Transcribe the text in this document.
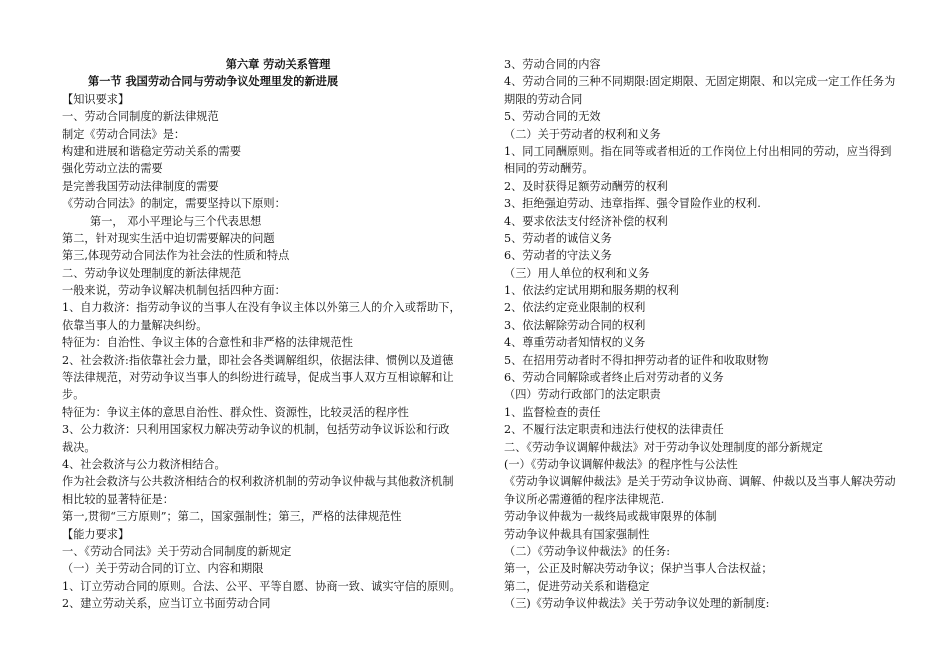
第六章 劳动关系管理
第一节 我国劳动合同与劳动争议处理里发的新进展
【知识要求】
一、劳动合同制度的新法律规范
制定《劳动合同法》是：
构建和进展和谐稳定劳动关系的需要
强化劳动立法的需要
是完善我国劳动法律制度的需要
《劳动合同法》的制定，需要坚持以下原则：
第一， 邓小平理论与三个代表思想
第二，针对现实生活中迫切需要解决的问题
第三,体现劳动合同法作为社会法的性质和特点
二、劳动争议处理制度的新法律规范
一般来说，劳动争议解决机制包括四种方面：
1、自力救济：指劳动争议的当事人在没有争议主体以外第三人的介入或帮助下，
依靠当事人的力量解决纠纷。
特征为：自治性、争议主体的合意性和非严格的法律规范性
2、社会救济:指依靠社会力量，即社会各类调解组织，依据法律、惯例以及道德
等法律规范，对劳动争议当事人的纠纷进行疏导，促成当事人双方互相谅解和让
步。
特征为：争议主体的意思自治性、群众性、资源性，比较灵活的程序性
3、公力救济：只利用国家权力解决劳动争议的机制，包括劳动争议诉讼和行政
裁决。
4、社会救济与公力救济相结合。
作为社会救济与公共救济相结合的权利救济机制的劳动争议仲裁与其他救济机制
相比较的显著特征是：
第一,贯彻“三方原则”；第二，国家强制性；第三，严格的法律规范性
【能力要求】
一、《劳动合同法》关于劳动合同制度的新规定
（一）关于劳动合同的订立、内容和期限
1、订立劳动合同的原则。合法、公平、平等自愿、协商一致、诚实守信的原则。
2、建立劳动关系，应当订立书面劳动合同
3、劳动合同的内容
4、劳动合同的三种不同期限:固定期限、无固定期限、和以完成一定工作任务为
期限的劳动合同
5、劳动合同的无效
（二）关于劳动者的权利和义务
1、同工同酬原则。指在同等或者相近的工作岗位上付出相同的劳动，应当得到
相同的劳动酬劳。
2、及时获得足额劳动酬劳的权利
3、拒绝强迫劳动、违章指挥、强令冒险作业的权利.
4、要求依法支付经济补偿的权利
5、劳动者的诚信义务
6、劳动者的守法义务
（三）用人单位的权利和义务
1、依法约定试用期和服务期的权利
2、依法约定竞业限制的权利
3、依法解除劳动合同的权利
4、尊重劳动者知情权的义务
5、在招用劳动者时不得扣押劳动者的证件和收取财物
6、劳动合同解除或者终止后对劳动者的义务
（四）劳动行政部门的法定职责
1、监督检查的责任
2、不履行法定职责和违法行使权的法律责任
二、《劳动争议调解仲裁法》对于劳动争议处理制度的部分新规定
(一）《劳动争议调解仲裁法》的程序性与公法性
《劳动争议调解仲裁法》是关于劳动争议协商、调解、仲裁以及当事人解决劳动
争议所必需遵循的程序法律规范.
劳动争议仲裁为一裁终局或裁审限界的体制
劳动争议仲裁具有国家强制性
（二）《劳动争议仲裁法》的任务:
第一，公正及时解决劳动争议；保护当事人合法权益；
第二，促进劳动关系和谐稳定
（三)《劳动争议仲裁法》关于劳动争议处理的新制度:
